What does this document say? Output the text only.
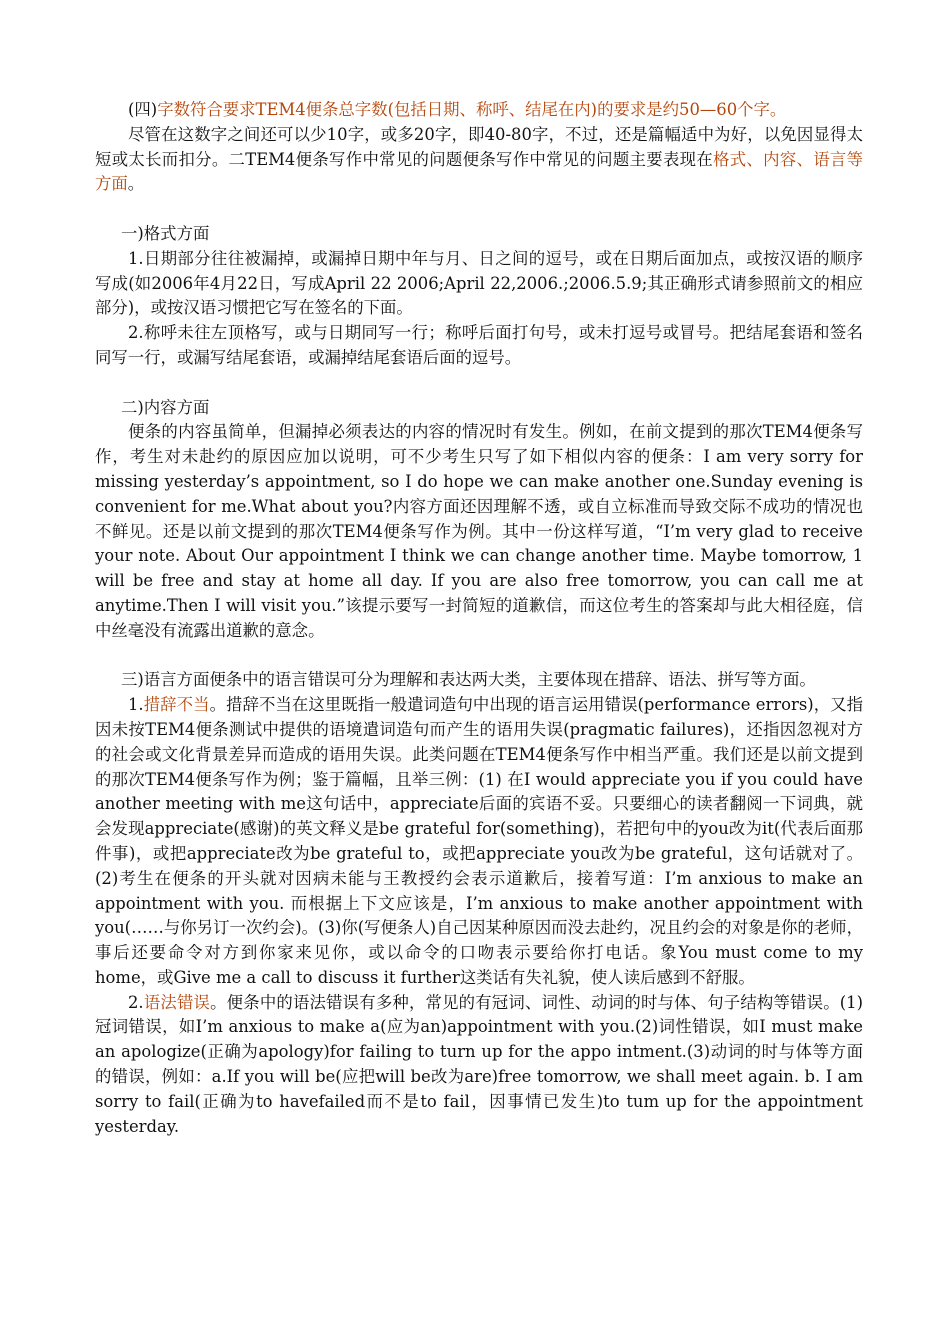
(四)字数符合要求TEM4便条总字数(包括日期、称呼、结尾在内)的要求是约50—60个字。

尽管在这数字之间还可以少10字，或多20字，即40-80字，不过，还是篇幅适中为好，以免因显得太短或太长而扣分。二TEM4便条写作中常见的问题便条写作中常见的问题主要表现在格式、内容、语言等方面。

一)格式方面

1.日期部分往往被漏掉，或漏掉日期中年与月、日之间的逗号，或在日期后面加点，或按汉语的顺序写成(如2006年4月22日，写成April 22 2006;April 22,2006.;2006.5.9;其正确形式请参照前文的相应部分)，或按汉语习惯把它写在签名的下面。

2.称呼未往左顶格写，或与日期同写一行；称呼后面打句号，或未打逗号或冒号。把结尾套语和签名同写一行，或漏写结尾套语，或漏掉结尾套语后面的逗号。

二)内容方面

便条的内容虽简单，但漏掉必须表达的内容的情况时有发生。例如，在前文提到的那次TEM4便条写作，考生对未赴约的原因应加以说明，可不少考生只写了如下相似内容的便条：I am very sorry for missing yesterday’s appointment, so I do hope we can make another one.Sunday evening is convenient for me.What about you?内容方面还因理解不透，或自立标准而导致交际不成功的情况也不鲜见。还是以前文提到的那次TEM4便条写作为例。其中一份这样写道，“I’m very glad to receive your note. About Our appointment I think we can change another time. Maybe tomorrow, 1 will be free and stay at home all day. If you are also free tomorrow, you can call me at anytime.Then I will visit you.”该提示要写一封简短的道歉信，而这位考生的答案却与此大相径庭，信中丝毫没有流露出道歉的意念。

三)语言方面便条中的语言错误可分为理解和表达两大类，主要体现在措辞、语法、拼写等方面。

1.措辞不当。措辞不当在这里既指一般遣词造句中出现的语言运用错误(performance errors)，又指因未按TEM4便条测试中提供的语境遣词造句而产生的语用失误(pragmatic failures)，还指因忽视对方的社会或文化背景差异而造成的语用失误。此类问题在TEM4便条写作中相当严重。我们还是以前文提到的那次TEM4便条写作为例；鉴于篇幅，且举三例：(1) 在I would appreciate you if you could have another meeting with me这句话中，appreciate后面的宾语不妥。只要细心的读者翻阅一下词典，就会发现appreciate(感谢)的英文释义是be grateful for(something)，若把句中的you改为it(代表后面那件事)，或把appreciate改为be grateful to，或把appreciate you改为be grateful，这句话就对了。(2)考生在便条的开头就对因病未能与王教授约会表示道歉后，接着写道：I’m anxious to make an appointment with you. 而根据上下文应该是，I’m anxious to make another appointment with you(……与你另订一次约会)。(3)你(写便条人)自己因某种原因而没去赴约，况且约会的对象是你的老师，事后还要命令对方到你家来见你，或以命令的口吻表示要给你打电话。象You must come to my home，或Give me a call to discuss it further这类话有失礼貌，使人读后感到不舒服。

2.语法错误。便条中的语法错误有多种，常见的有冠词、词性、动词的时与体、句子结构等错误。(1)冠词错误，如I’m anxious to make a(应为an)appointment with you.(2)词性错误，如I must make an apologize(正确为apology)for failing to turn up for the appo intment.(3)动词的时与体等方面的错误，例如：a.If you will be(应把will be改为are)free tomorrow, we shall meet again. b. I am sorry to fail(正确为to havefailed而不是to fail，因事情已发生)to tum up for the appointment yesterday.
